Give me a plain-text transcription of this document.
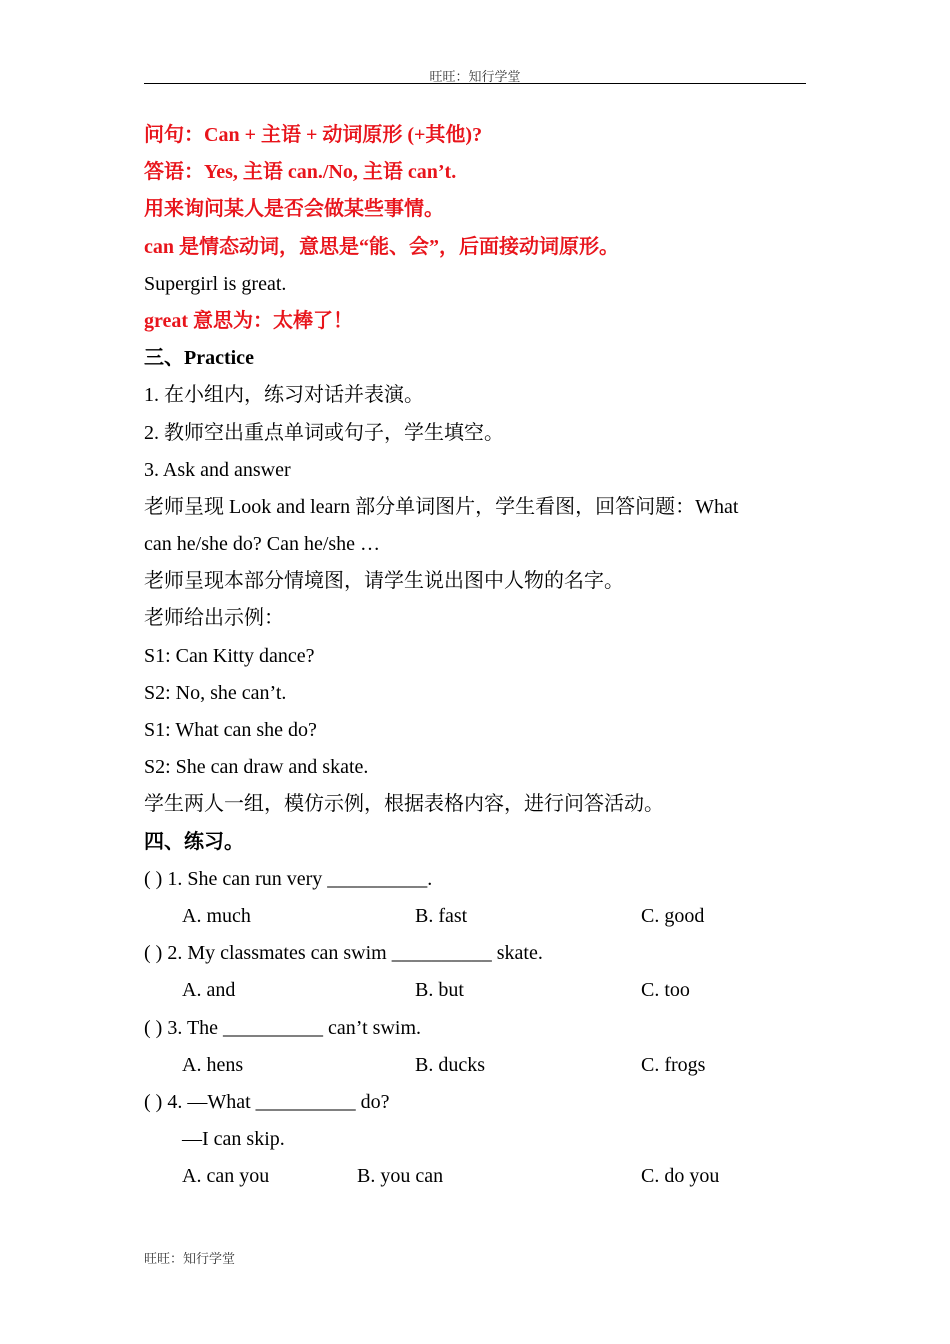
旺旺：知行学堂
问句：Can + 主语 + 动词原形 (+其他)?
答语：Yes, 主语 can./No, 主语 can’t.
用来询问某人是否会做某些事情。
can 是情态动词，意思是“能、会”，后面接动词原形。
Supergirl is great.
great 意思为：太棒了！
三、Practice
1. 在小组内，练习对话并表演。
2. 教师空出重点单词或句子，学生填空。
3. Ask and answer
老师呈现 Look and learn 部分单词图片，学生看图，回答问题：What
can he/she do? Can he/she …
老师呈现本部分情境图，请学生说出图中人物的名字。
老师给出示例：
S1: Can Kitty dance?
S2: No, she can’t.
S1: What can she do?
S2: She can draw and skate.
学生两人一组，模仿示例，根据表格内容，进行问答活动。
四、练习。
( ) 1. She can run very __________.
A. much	B. fast	C. good
( ) 2. My classmates can swim __________ skate.
A. and	B. but	C. too
( ) 3. The __________ can’t swim.
A. hens	B. ducks	C. frogs
( ) 4. —What __________ do?
—I can skip.
A. can you	B. you can	C. do you
旺旺：知行学堂
